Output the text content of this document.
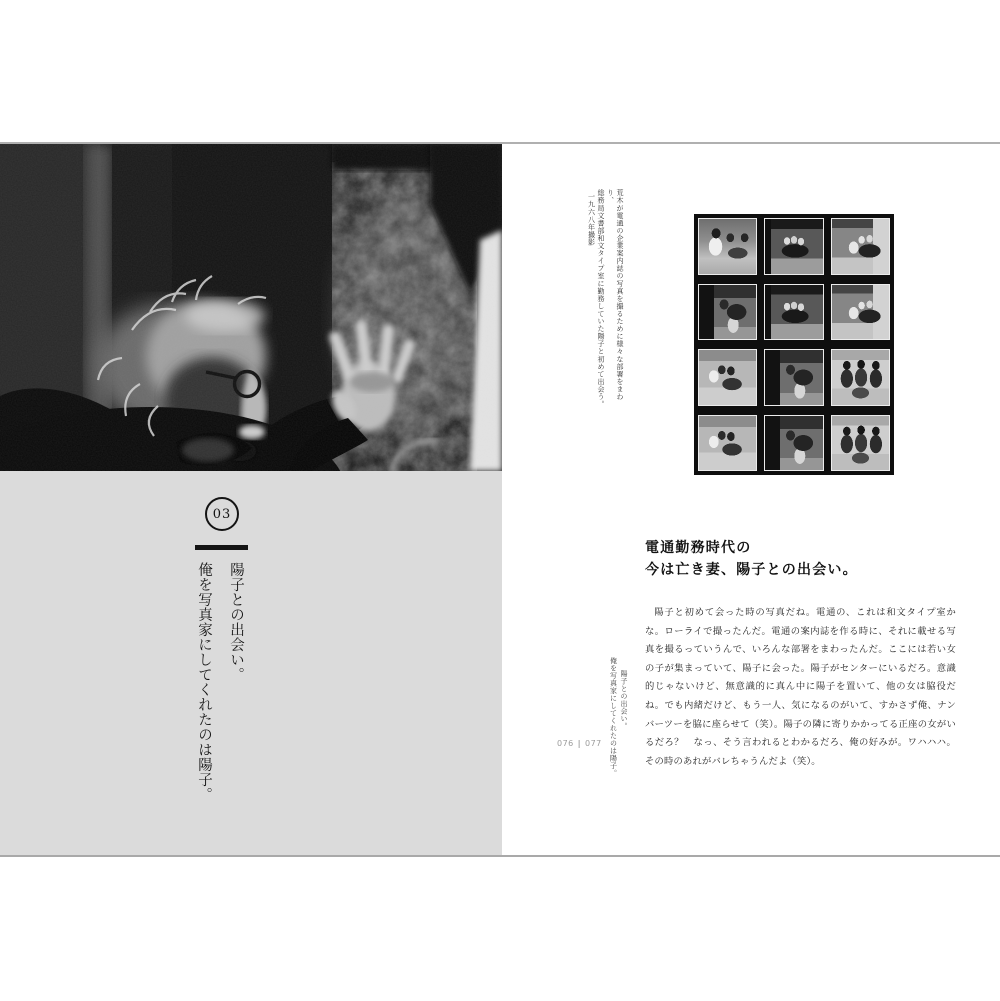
03
陽子との出会い。
俺を写真家にしてくれたのは陽子。
荒木が電通の企業案内誌の写真を撮るために様々な部署をまわり、
総務局文書部和文タイプ室に勤務していた陽子と初めて出会う。
一九六八年撮影
電通勤務時代の
今は亡き妻、陽子との出会い。

陽子と初めて会った時の写真だね。電通の、これは和文タイプ室かな。ローライで撮ったんだ。電通の案内誌を作る時に、それに載せる写真を撮るっていうんで、いろんな部署をまわったんだ。ここには若い女の子が集まっていて、陽子に会った。陽子がセンターにいるだろ。意識的じゃないけど、無意識的に真ん中に陽子を置いて、他の女は脇役だね。でも内緒だけど、もう一人、気になるのがいて、すかさず俺、ナンバーツーを脇に座らせて（笑）。陽子の隣に寄りかかってる正座の女がいるだろ？　なっ、そう言われるとわかるだろ、俺の好みが。ワハハハ。その時のあれがバレちゃうんだよ（笑）。

陽子との出会い。
俺を写真家にしてくれたのは陽子。
076 | 077
